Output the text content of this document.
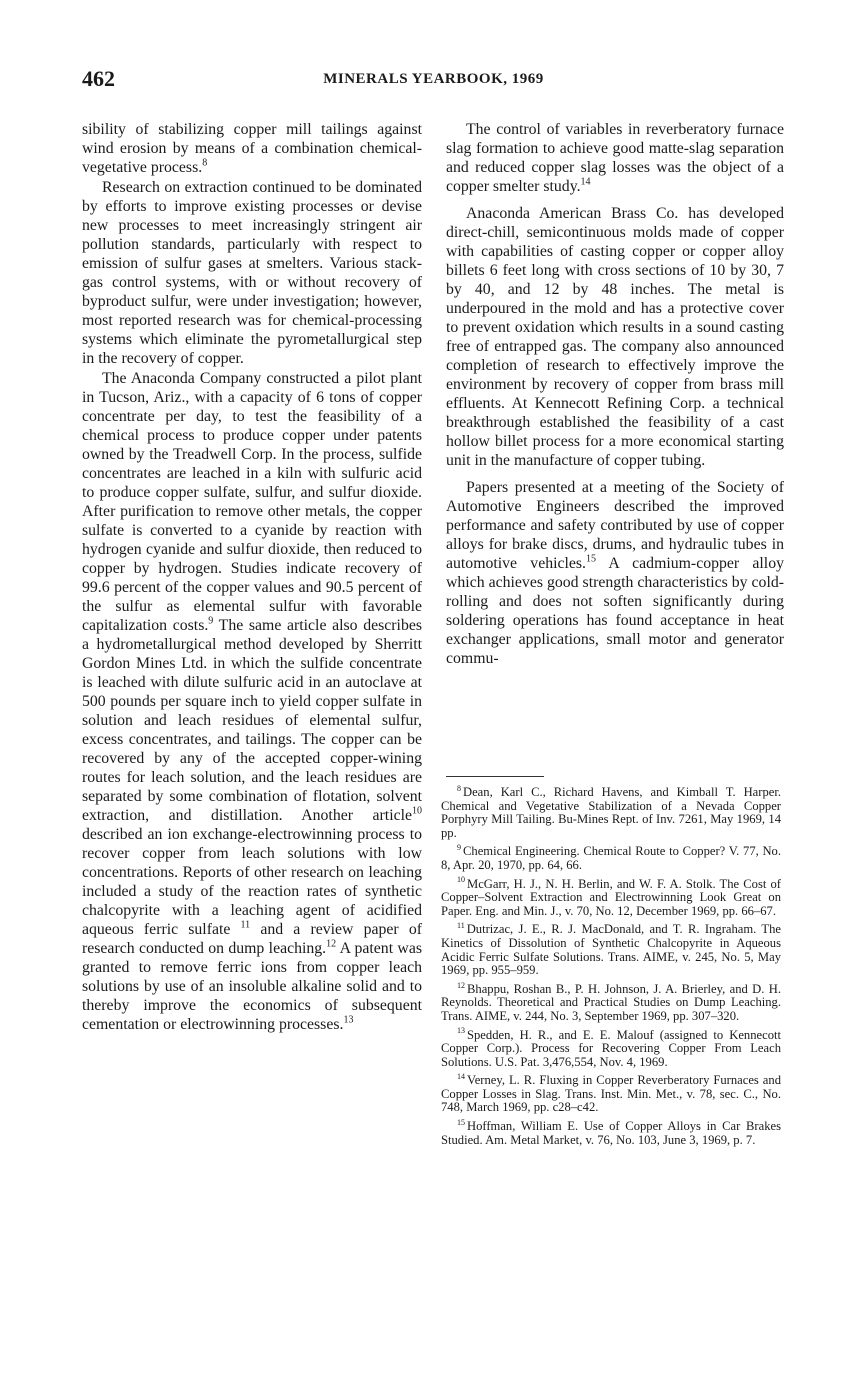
462	MINERALS YEARBOOK, 1969

sibility of stabilizing copper mill tailings against wind erosion by means of a combination chemical-vegetative process.$^8$

Research on extraction continued to be dominated by efforts to improve existing processes or devise new processes to meet increasingly stringent air pollution standards, particularly with respect to emission of sulfur gases at smelters. Various stack-gas control systems, with or without recovery of byproduct sulfur, were under investigation; however, most reported research was for chemical-processing systems which eliminate the pyrometallurgical step in the recovery of copper.

The Anaconda Company constructed a pilot plant in Tucson, Ariz., with a capacity of 6 tons of copper concentrate per day, to test the feasibility of a chemical process to produce copper under patents owned by the Treadwell Corp. In the process, sulfide concentrates are leached in a kiln with sulfuric acid to produce copper sulfate, sulfur, and sulfur dioxide. After purification to remove other metals, the copper sulfate is converted to a cyanide by reaction with hydrogen cyanide and sulfur dioxide, then reduced to copper by hydrogen. Studies indicate recovery of 99.6 percent of the copper values and 90.5 percent of the sulfur as elemental sulfur with favorable capitalization costs.$^9$ The same article also describes a hydrometallurgical method developed by Sherritt Gordon Mines Ltd. in which the sulfide concentrate is leached with dilute sulfuric acid in an autoclave at 500 pounds per square inch to yield copper sulfate in solution and leach residues of elemental sulfur, excess concentrates, and tailings. The copper can be recovered by any of the accepted copper-wining routes for leach solution, and the leach residues are separated by some combination of flotation, solvent extraction, and distillation. Another article$^{10}$ described an ion exchange-electrowinning process to recover copper from leach solutions with low concentrations. Reports of other research on leaching included a study of the reaction rates of synthetic chalcopyrite with a leaching agent of acidified aqueous ferric sulfate $^{11}$ and a review paper of research conducted on dump leaching.$^{12}$ A patent was granted to remove ferric ions from copper leach solutions by use of an insoluble alkaline solid and to thereby improve the economics of subsequent cementation or electrowinning processes.$^{13}$

The control of variables in reverberatory furnace slag formation to achieve good matte-slag separation and reduced copper slag losses was the object of a copper smelter study.$^{14}$

Anaconda American Brass Co. has developed direct-chill, semicontinuous molds made of copper with capabilities of casting copper or copper alloy billets 6 feet long with cross sections of 10 by 30, 7 by 40, and 12 by 48 inches. The metal is underpoured in the mold and has a protective cover to prevent oxidation which results in a sound casting free of entrapped gas. The company also announced completion of research to effectively improve the environment by recovery of copper from brass mill effluents. At Kennecott Refining Corp. a technical breakthrough established the feasibility of a cast hollow billet process for a more economical starting unit in the manufacture of copper tubing.

Papers presented at a meeting of the Society of Automotive Engineers described the improved performance and safety contributed by use of copper alloys for brake discs, drums, and hydraulic tubes in automotive vehicles.$^{15}$ A cadmium-copper alloy which achieves good strength characteristics by cold-rolling and does not soften significantly during soldering operations has found acceptance in heat exchanger applications, small motor and generator commu-

$^8$ Dean, Karl C., Richard Havens, and Kimball T. Harper. Chemical and Vegetative Stabilization of a Nevada Copper Porphyry Mill Tailing. Bu-Mines Rept. of Inv. 7261, May 1969, 14 pp.

$^9$ Chemical Engineering. Chemical Route to Copper? V. 77, No. 8, Apr. 20, 1970, pp. 64, 66.

$^{10}$ McGarr, H. J., N. H. Berlin, and W. F. A. Stolk. The Cost of Copper–Solvent Extraction and Electrowinning Look Great on Paper. Eng. and Min. J., v. 70, No. 12, December 1969, pp. 66–67.

$^{11}$ Dutrizac, J. E., R. J. MacDonald, and T. R. Ingraham. The Kinetics of Dissolution of Synthetic Chalcopyrite in Aqueous Acidic Ferric Sulfate Solutions. Trans. AIME, v. 245, No. 5, May 1969, pp. 955–959.

$^{12}$ Bhappu, Roshan B., P. H. Johnson, J. A. Brierley, and D. H. Reynolds. Theoretical and Practical Studies on Dump Leaching. Trans. AIME, v. 244, No. 3, September 1969, pp. 307–320.

$^{13}$ Spedden, H. R., and E. E. Malouf (assigned to Kennecott Copper Corp.). Process for Recovering Copper From Leach Solutions. U.S. Pat. 3,476,554, Nov. 4, 1969.

$^{14}$ Verney, L. R. Fluxing in Copper Reverberatory Furnaces and Copper Losses in Slag. Trans. Inst. Min. Met., v. 78, sec. C., No. 748, March 1969, pp. c28–c42.

$^{15}$ Hoffman, William E. Use of Copper Alloys in Car Brakes Studied. Am. Metal Market, v. 76, No. 103, June 3, 1969, p. 7.
